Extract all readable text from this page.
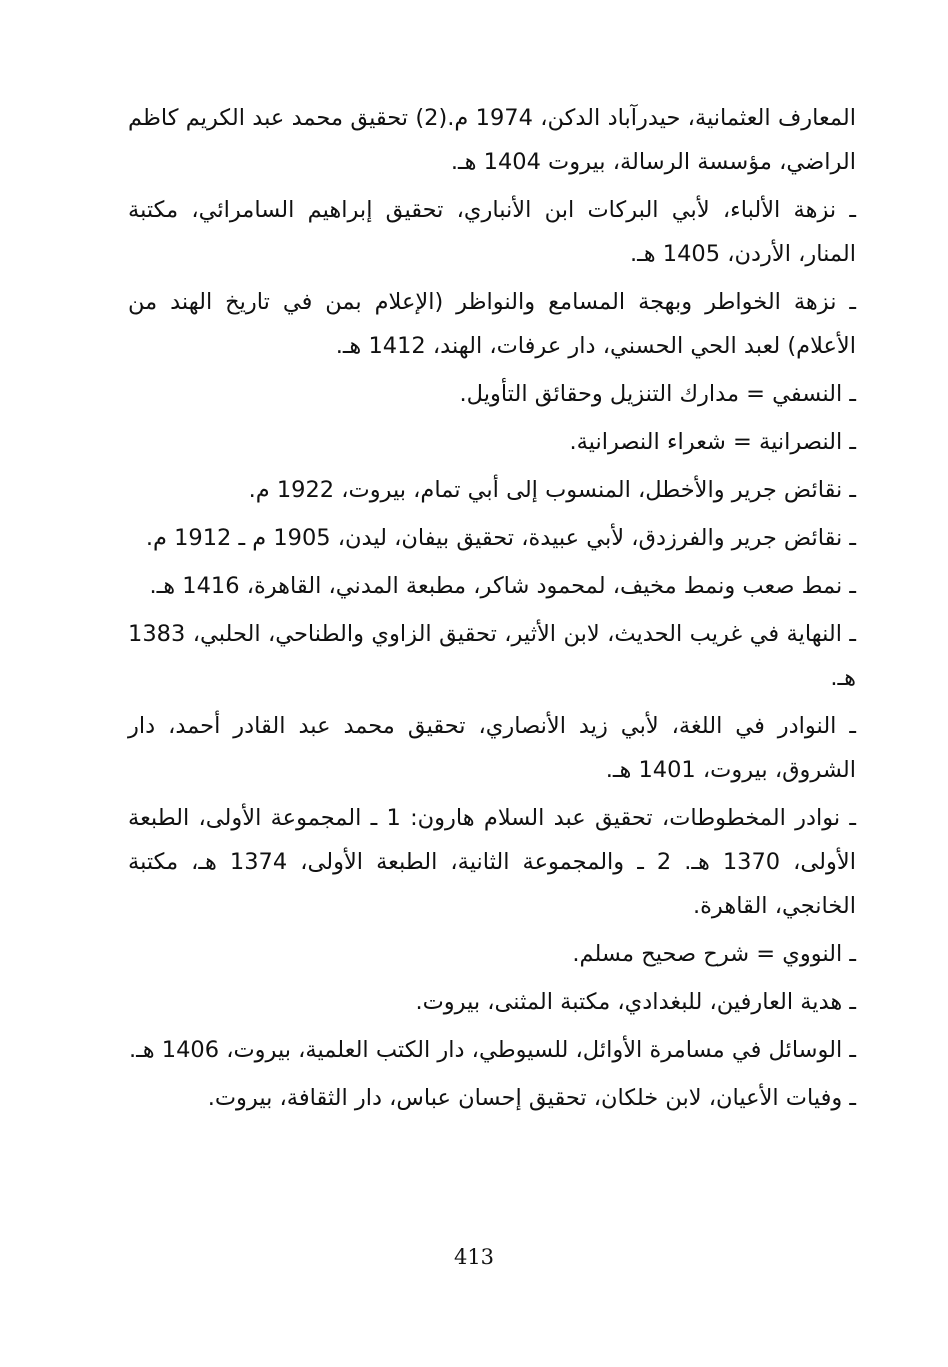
المعارف العثمانية، حيدرآباد الدكن، 1974 م.(2) تحقيق محمد عبد الكريم كاظم الراضي، مؤسسة الرسالة، بيروت 1404 هـ.

ـ نزهة الألباء، لأبي البركات ابن الأنباري، تحقيق إبراهيم السامرائي، مكتبة المنار، الأردن، 1405 هـ.

ـ نزهة الخواطر وبهجة المسامع والنواظر (الإعلام بمن في تاريخ الهند من الأعلام) لعبد الحي الحسني، دار عرفات، الهند، 1412 هـ.

ـ النسفي = مدارك التنزيل وحقائق التأويل.

ـ النصرانية = شعراء النصرانية.

ـ نقائض جرير والأخطل، المنسوب إلى أبي تمام، بيروت، 1922 م.

ـ نقائض جرير والفرزدق، لأبي عبيدة، تحقيق بيفان، ليدن، 1905 م ـ 1912 م.

ـ نمط صعب ونمط مخيف، لمحمود شاكر، مطبعة المدني، القاهرة، 1416 هـ.

ـ النهاية في غريب الحديث، لابن الأثير، تحقيق الزاوي والطناحي، الحلبي، 1383 هـ.

ـ النوادر في اللغة، لأبي زيد الأنصاري، تحقيق محمد عبد القادر أحمد، دار الشروق، بيروت، 1401 هـ.

ـ نوادر المخطوطات، تحقيق عبد السلام هارون: 1 ـ المجموعة الأولى، الطبعة الأولى، 1370 هـ. 2 ـ والمجموعة الثانية، الطبعة الأولى، 1374 هـ، مكتبة الخانجي، القاهرة.

ـ النووي = شرح صحيح مسلم.

ـ هدية العارفين، للبغدادي، مكتبة المثنى، بيروت.

ـ الوسائل في مسامرة الأوائل، للسيوطي، دار الكتب العلمية، بيروت، 1406 هـ.

ـ وفيات الأعيان، لابن خلكان، تحقيق إحسان عباس، دار الثقافة، بيروت.

413
